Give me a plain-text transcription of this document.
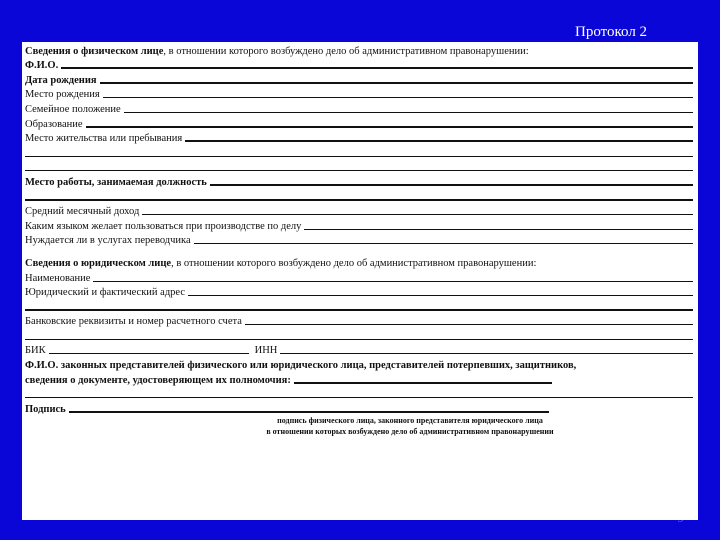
Протокол 2
Сведения о физическом лице, в отношении которого возбуждено дело об административном правонарушении:
Ф.И.О.
Дата рождения
Место рождения
Семейное положение
Образование
Место жительства или пребывания
Место работы, занимаемая должность
Средний месячный доход
Каким языком желает пользоваться при производстве по делу
Нуждается ли в услугах переводчика
Сведения о юридическом лице, в отношении которого возбуждено дело об административном правонарушении:
Наименование
Юридический и фактический адрес
Банковские реквизиты и номер расчетного счета
БИК	ИНН
Ф.И.О. законных представителей физического или юридического лица, представителей потерпевших, защитников,
сведения о документе, удостоверяющем их полномочия:
Подпись
подпись физического лица, законного представителя юридического лица
в отношении которых возбуждено дело об административном правонарушении
